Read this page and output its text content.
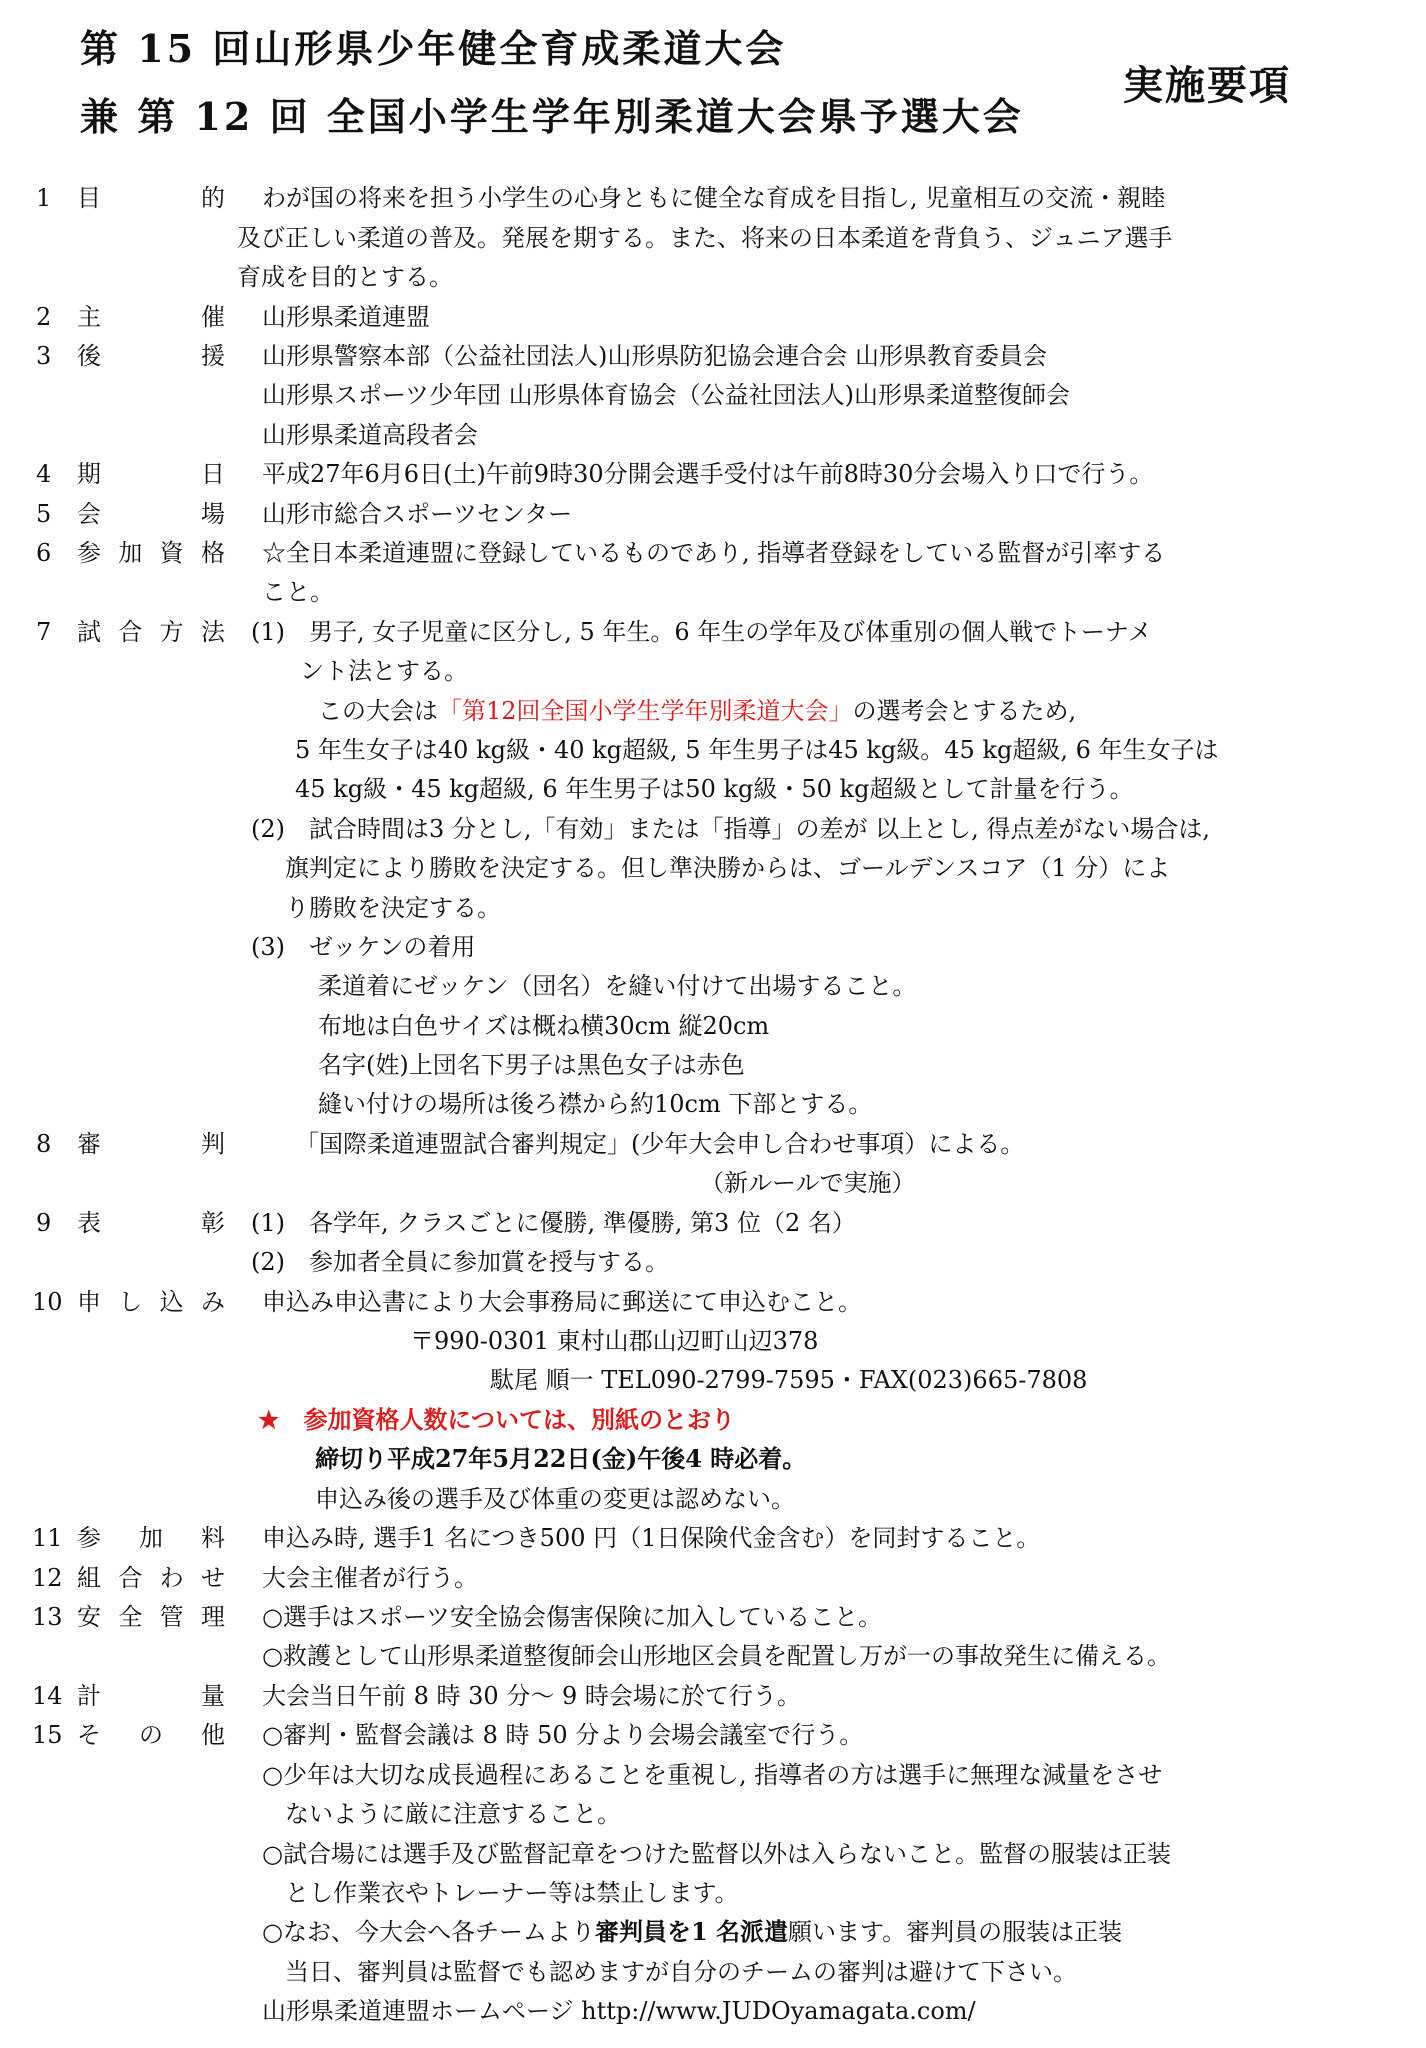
第 15 回山形県少年健全育成柔道大会
兼 第 12 回 全国小学生学年別柔道大会県予選大会
実施要項
1 目	的 わが国の将来を担う小学生の心身ともに健全な育成を目指し, 児童相互の交流・親睦
及び正しい柔道の普及。発展を期する。また、将来の日本柔道を背負う、ジュニア選手
育成を目的とする。
2 主	催 山形県柔道連盟
3 後	援 山形県警察本部（公益社団法人)山形県防犯協会連合会 山形県教育委員会
山形県スポーツ少年団 山形県体育協会（公益社団法人)山形県柔道整復師会
山形県柔道高段者会
4 期	日 平成27年6月6日(土)午前9時30分開会選手受付は午前8時30分会場入り口で行う。
5 会	場 山形市総合スポーツセンター
6 参 加 資 格 ☆全日本柔道連盟に登録しているものであり, 指導者登録をしている監督が引率する
こと。
7 試 合 方 法 (1)　男子, 女子児童に区分し, 5 年生。6 年生の学年及び体重別の個人戦でトーナメ
ント法とする。
この大会は「第12回全国小学生学年別柔道大会」の選考会とするため,
5 年生女子は40 kg級・40 kg超級, 5 年生男子は45 kg級。45 kg超級, 6 年生女子は
45 kg級・45 kg超級, 6 年生男子は50 kg級・50 kg超級として計量を行う。
(2)　試合時間は3 分とし,「有効」または「指導」の差が 以上とし, 得点差がない場合は,
旗判定により勝敗を決定する。但し準決勝からは、ゴールデンスコア（1 分）によ
り勝敗を決定する。
(3)　ゼッケンの着用
柔道着にゼッケン（団名）を縫い付けて出場すること。
布地は白色サイズは概ね横30cm 縦20cm
名字(姓)上団名下男子は黒色女子は赤色
縫い付けの場所は後ろ襟から約10cm 下部とする。
8 審	判	「国際柔道連盟試合審判規定」(少年大会申し合わせ事項）による。
（新ルールで実施）
9 表	彰 (1)　各学年, クラスごとに優勝, 準優勝, 第3 位（2 名）
(2)　参加者全員に参加賞を授与する。
10 申 し 込 み 申込み申込書により大会事務局に郵送にて申込むこと。
〒990-0301 東村山郡山辺町山辺378
駄尾 順一 TEL090-2799-7595・FAX(023)665-7808
★ 参加資格人数については、別紙のとおり
締切り平成27年5月22日(金)午後4 時必着。
申込み後の選手及び体重の変更は認めない。
11 参 加 料 申込み時, 選手1 名につき500 円（1日保険代金含む）を同封すること。
12 組 合 わ せ 大会主催者が行う。
13 安 全 管 理 ○選手はスポーツ安全協会傷害保険に加入していること。
○救護として山形県柔道整復師会山形地区会員を配置し万が一の事故発生に備える。
14 計	量 大会当日午前 8 時 30 分～ 9 時会場に於て行う。
15 そ の 他 ○審判・監督会議は 8 時 50 分より会場会議室で行う。
○少年は大切な成長過程にあることを重視し, 指導者の方は選手に無理な減量をさせ
ないように厳に注意すること。
○試合場には選手及び監督記章をつけた監督以外は入らないこと。監督の服装は正装
とし作業衣やトレーナー等は禁止します。
○なお、今大会へ各チームより審判員を1 名派遣願います。審判員の服装は正装
当日、審判員は監督でも認めますが自分のチームの審判は避けて下さい。
山形県柔道連盟ホームページ http://www.JUDOyamagata.com/
